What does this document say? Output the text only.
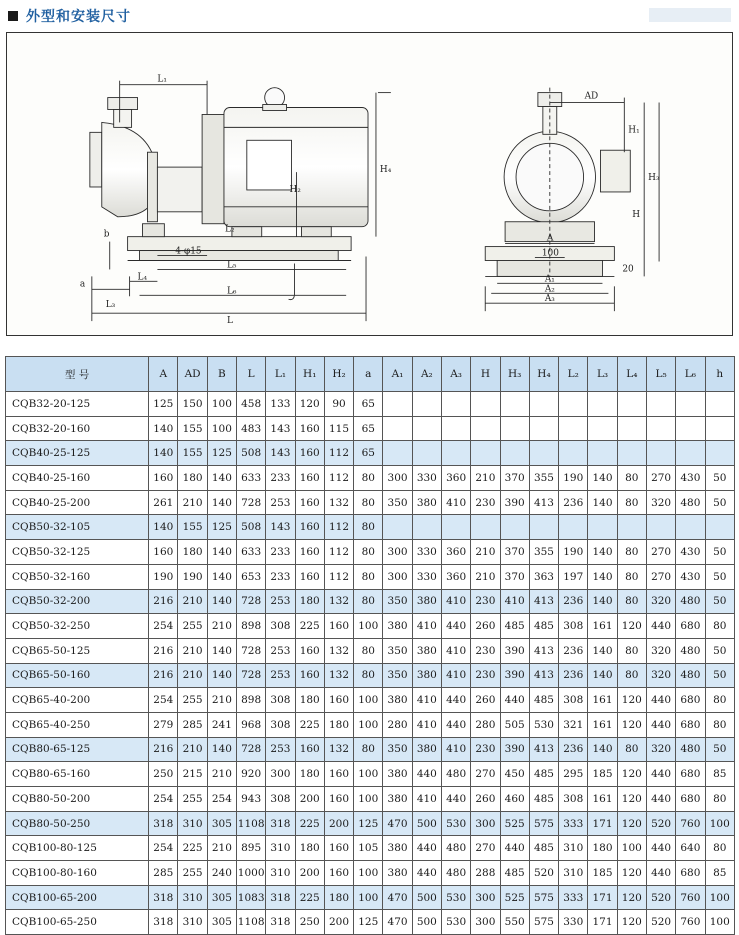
外型和安装尺寸
L₁
b
4-φ15
L₂
H₂
H₄
L₄
L₅
L₆
L₃
a
L
AD
H₁
H₃
H
A
100
A₁
A₂
A₃
20
型 号	A	AD	B	L	L₁	H₁	H₂	a	A₁	A₂	A₃	H	H₃	H₄	L₂	L₃	L₄	L₅	L₆	h
CQB32-20-125	125	150	100	458	133	120	90	65												
CQB32-20-160	140	155	100	483	143	160	115	65												
CQB40-25-125	140	155	125	508	143	160	112	65												
CQB40-25-160	160	180	140	633	233	160	112	80	300	330	360	210	370	355	190	140	80	270	430	50
CQB40-25-200	261	210	140	728	253	160	132	80	350	380	410	230	390	413	236	140	80	320	480	50
CQB50-32-105	140	155	125	508	143	160	112	80												
CQB50-32-125	160	180	140	633	233	160	112	80	300	330	360	210	370	355	190	140	80	270	430	50
CQB50-32-160	190	190	140	653	233	160	112	80	300	330	360	210	370	363	197	140	80	270	430	50
CQB50-32-200	216	210	140	728	253	180	132	80	350	380	410	230	410	413	236	140	80	320	480	50
CQB50-32-250	254	255	210	898	308	225	160	100	380	410	440	260	485	485	308	161	120	440	680	80
CQB65-50-125	216	210	140	728	253	160	132	80	350	380	410	230	390	413	236	140	80	320	480	50
CQB65-50-160	216	210	140	728	253	160	132	80	350	380	410	230	390	413	236	140	80	320	480	50
CQB65-40-200	254	255	210	898	308	180	160	100	380	410	440	260	440	485	308	161	120	440	680	80
CQB65-40-250	279	285	241	968	308	225	180	100	280	410	440	280	505	530	321	161	120	440	680	80
CQB80-65-125	216	210	140	728	253	160	132	80	350	380	410	230	390	413	236	140	80	320	480	50
CQB80-65-160	250	215	210	920	300	180	160	100	380	440	480	270	450	485	295	185	120	440	680	85
CQB80-50-200	254	255	254	943	308	200	160	100	380	410	440	260	460	485	308	161	120	440	680	80
CQB80-50-250	318	310	305	1108	318	225	200	125	470	500	530	300	525	575	333	171	120	520	760	100
CQB100-80-125	254	225	210	895	310	180	160	105	380	440	480	270	440	485	310	180	100	440	640	80
CQB100-80-160	285	255	240	1000	310	200	160	100	380	440	480	288	485	520	310	185	120	440	680	85
CQB100-65-200	318	310	305	1083	318	225	180	100	470	500	530	300	525	575	333	171	120	520	760	100
CQB100-65-250	318	310	305	1108	318	250	200	125	470	500	530	300	550	575	330	171	120	520	760	100
